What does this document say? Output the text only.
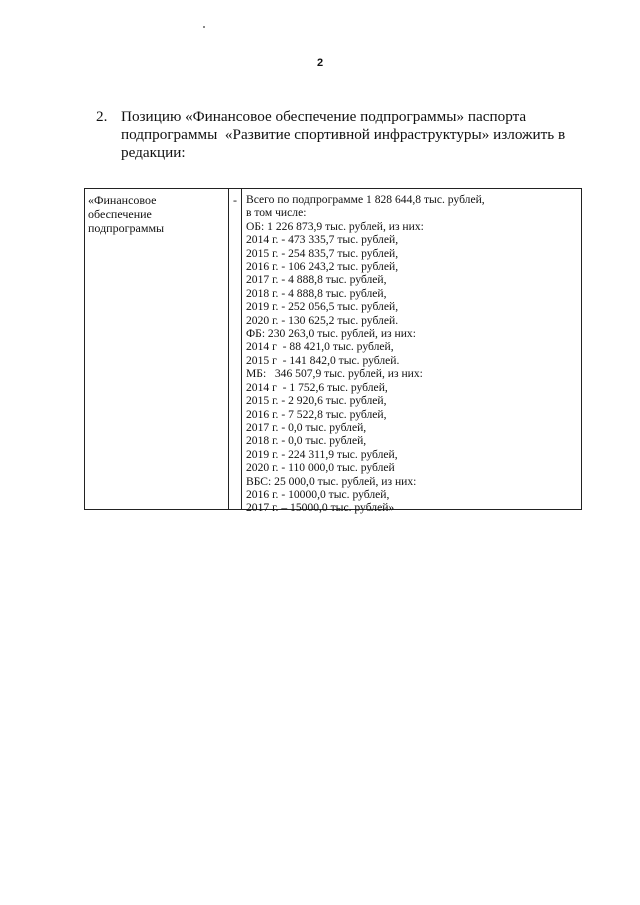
2
2. Позицию «Финансовое обеспечение подпрограммы» паспорта
подпрограммы  «Развитие спортивной инфраструктуры» изложить в
редакции:
«Финансовое
обеспечение
подпрограммы
- Всего по подпрограмме 1 828 644,8 тыс. рублей,
в том числе:
ОБ: 1 226 873,9 тыс. рублей, из них:
2014 г. - 473 335,7 тыс. рублей,
2015 г. - 254 835,7 тыс. рублей,
2016 г. - 106 243,2 тыс. рублей,
2017 г. - 4 888,8 тыс. рублей,
2018 г. - 4 888,8 тыс. рублей,
2019 г. - 252 056,5 тыс. рублей,
2020 г. - 130 625,2 тыс. рублей.
ФБ: 230 263,0 тыс. рублей, из них:
2014 г  - 88 421,0 тыс. рублей,
2015 г  - 141 842,0 тыс. рублей.
МБ:   346 507,9 тыс. рублей, из них:
2014 г  - 1 752,6 тыс. рублей,
2015 г. - 2 920,6 тыс. рублей,
2016 г. - 7 522,8 тыс. рублей,
2017 г. - 0,0 тыс. рублей,
2018 г. - 0,0 тыс. рублей,
2019 г. - 224 311,9 тыс. рублей,
2020 г. - 110 000,0 тыс. рублей
ВБС: 25 000,0 тыс. рублей, из них:
2016 г. - 10000,0 тыс. рублей,
2017 г. – 15000,0 тыс. рублей»
